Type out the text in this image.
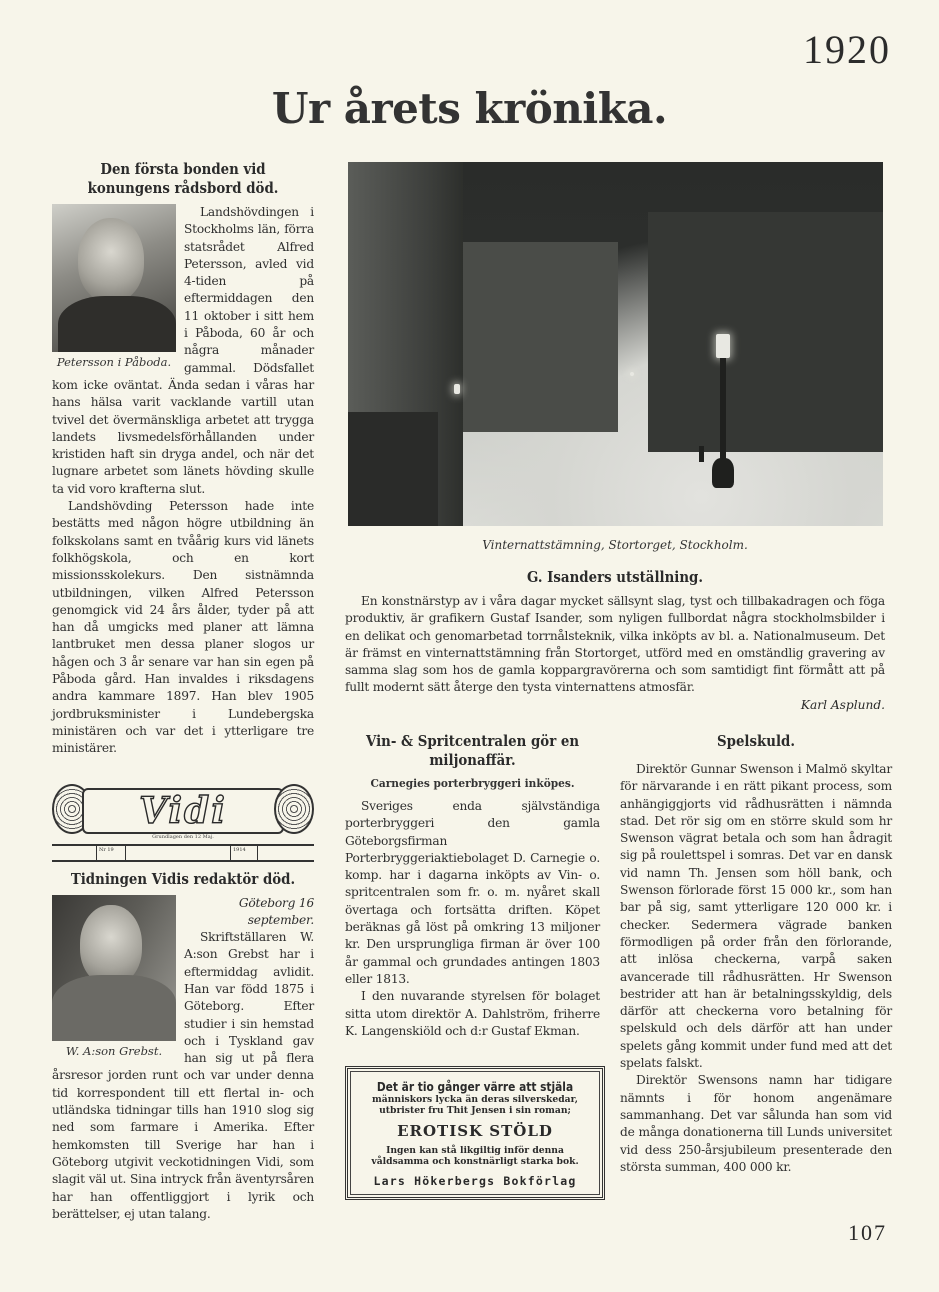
1920
Ur årets krönika.
Den första bonden vid konungens rådsbord död.
Petersson i Påboda.

Landshövdingen i Stockholms län, förra statsrådet Alfred Petersson, avled vid 4-tiden på eftermiddagen den 11 oktober i sitt hem i Påboda, 60 år och några månader gammal. Dödsfallet kom icke oväntat. Ända sedan i våras har hans hälsa varit vacklande vartill utan tvivel det övermänskliga arbetet att trygga landets livsmedelsförhållanden under kristiden haft sin dryga andel, och när det lugnare arbetet som länets hövding skulle ta vid voro krafterna slut.

Landshövding Petersson hade inte bestätts med någon högre utbildning än folkskolans samt en tvåårig kurs vid länets folkhögskola, och en kort missionsskolekurs. Den sistnämnda utbildningen, vilken Alfred Petersson genomgick vid 24 års ålder, tyder på att han då umgicks med planer att lämna lantbruket men dessa planer slogos ur hågen och 3 år senare var han sin egen på Påboda gård. Han invaldes i riksdagens andra kammare 1897. Han blev 1905 jordbruksminister i Lundebergska ministären och var det i ytterligare tre ministärer.

Vidi
Grundlagen den 12 Maj.
Nr 19	1914
Tidningen Vidis redaktör död.
W. A:son Grebst.

Göteborg 16 september.

Skriftställaren W. A:son Grebst har i eftermiddag avlidit. Han var född 1875 i Göteborg. Efter studier i sin hemstad och i Tyskland gav han sig ut på flera årsresor jorden runt och var under denna tid korrespondent till ett flertal in- och utländska tidningar tills han 1910 slog sig ned som farmare i Amerika. Efter hemkomsten till Sverige har han i Göteborg utgivit veckotidningen Vidi, som slagit väl ut. Sina intryck från äventyrsåren har han offentliggjort i lyrik och berättelser, ej utan talang.

Vinternattstämning, Stortorget, Stockholm.
G. Isanders utställning.

En konstnärstyp av i våra dagar mycket sällsynt slag, tyst och tillbakadragen och föga produktiv, är grafikern Gustaf Isander, som nyligen fullbordat några stockholmsbilder i en delikat och genomarbetad torrnålsteknik, vilka inköpts av bl. a. Nationalmuseum. Det är främst en vinternattstämning från Stortorget, utförd med en omständlig gravering av samma slag som hos de gamla koppargravörerna och som samtidigt fint förmått att på fullt modernt sätt återge den tysta vinternattens atmosfär.

Karl Asplund.
Vin- & Spritcentralen gör en miljonaffär.
Carnegies porterbryggeri inköpes.

Sveriges enda självständiga porterbryggeri den gamla Göteborgsfirman Porterbryggeriaktiebolaget D. Carnegie o. komp. har i dagarna inköpts av Vin- o. spritcentralen som fr. o. m. nyåret skall övertaga och fortsätta driften. Köpet beräknas gå löst på omkring 13 miljoner kr. Den ursprungliga firman är över 100 år gammal och grundades antingen 1803 eller 1813.

I den nuvarande styrelsen för bolaget sitta utom direktör A. Dahlström, friherre K. Langenskiöld och d:r Gustaf Ekman.

Det är tio gånger värre att stjäla
människors lycka än deras silverskedar, utbrister fru Thit Jensen i sin roman;
EROTISK STÖLD
Ingen kan stå likgiltig inför denna våldsamma och konstnärligt starka bok.
Lars Hökerbergs Bokförlag
Spelskuld.

Direktör Gunnar Swenson i Malmö skyltar för närvarande i en rätt pikant process, som anhängiggjorts vid rådhusrätten i nämnda stad. Det rör sig om en större skuld som hr Swenson vägrat betala och som han ådragit sig på roulettspel i somras. Det var en dansk vid namn Th. Jensen som höll bank, och Swenson förlorade först 15 000 kr., som han bar på sig, samt ytterligare 120 000 kr. i checker. Sedermera vägrade banken förmodligen på order från den förlorande, att inlösa checkerna, varpå saken avancerade till rådhusrätten. Hr Swenson bestrider att han är betalningsskyldig, dels därför att checkerna voro betalning för spelskuld och dels därför att han under spelets gång kommit under fund med att det spelats falskt.

Direktör Swensons namn har tidigare nämnts i för honom angenämare sammanhang. Det var sålunda han som vid de många donationerna till Lunds universitet vid dess 250-årsjubileum presenterade den största summan, 400 000 kr.

107
